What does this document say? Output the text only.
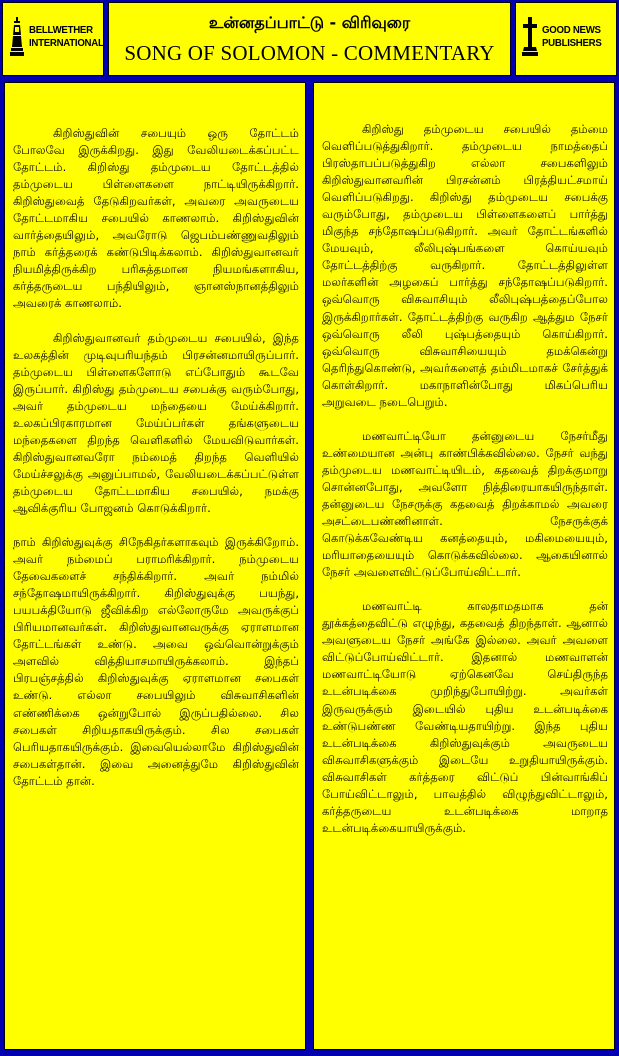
BELLWETHER
INTERNATIONAL
உன்னதப்பாட்டு - விரிவுரை
SONG OF SOLOMON - COMMENTARY
GOOD NEWS
PUBLISHERS

கிறிஸ்துவின் சபையும் ஒரு தோட்டம் போலவே இருக்கிறது. இது வேலியடைக்கப்பட்ட தோட்டம். கிறிஸ்து தம்முடைய தோட்டத்தில் தம்முடைய பிள்ளைகளை நாட்டியிருக்கிறார். கிறிஸ்துவைத் தேடுகிறவர்கள், அவரை அவருடைய தோட்டமாகிய சபையில் காணலாம். கிறிஸ்துவின் வார்த்தையிலும், அவரோடு ஜெபம்பண்ணுவதிலும் நாம் கர்த்தரைக் கண்டுபிடிக்கலாம். கிறிஸ்துவானவர் நியமித்திருக்கிற பரிசுத்தமான நியமங்களாகிய, கர்த்தருடைய பந்தியிலும், ஞானஸ்நானத்திலும் அவரைக் காணலாம்.

கிறிஸ்துவானவர் தம்முடைய சபையில், இந்த உலகத்தின் முடிவுபரியந்தம் பிரசன்னமாயிருப்பார். தம்முடைய பிள்ளைகளோடு எப்போதும் கூடவே இருப்பார். கிறிஸ்து தம்முடைய சபைக்கு வரும்போது, அவர் தம்முடைய மந்தையை மேய்க்கிறார். உலகப்பிரகாரமான மேய்ப்பர்கள் தங்களுடைய மந்தைகளை திறந்த வெளிகளில் மேயவிடுவார்கள். கிறிஸ்துவானவரோ நம்மைத் திறந்த வெளியில் மேய்ச்சலுக்கு அனுப்பாமல், வேலியடைக்கப்பட்டுள்ள தம்முடைய தோட்டமாகிய சபையில், நமக்கு ஆவிக்குரிய போஜனம் கொடுக்கிறார்.

நாம் கிறிஸ்துவுக்கு சிநேகிதர்களாகவும் இருக்கிறோம். அவர் நம்மைப் பராமரிக்கிறார். நம்முடைய தேவைகளைச் சந்திக்கிறார். அவர் நம்மில் சந்தோஷமாயிருக்கிறார். கிறிஸ்துவுக்கு பயந்து, பயபக்தியோடு ஜீவிக்கிற எல்லோருமே அவருக்குப் பிரியமானவர்கள். கிறிஸ்துவானவருக்கு ஏராளமான தோட்டங்கள் உண்டு. அவை ஒவ்வொன்றுக்கும் அளவில் வித்தியாசமாயிருக்கலாம். இந்தப் பிரபஞ்சத்தில் கிறிஸ்துவுக்கு ஏராளமான சபைகள் உண்டு. எல்லா சபையிலும் விசுவாசிகளின் எண்ணிக்கை ஒன்றுபோல் இருப்பதில்லை. சில சபைகள் சிறியதாகயிருக்கும். சில சபைகள் பெரியதாகயிருக்கும். இவையெல்லாமே கிறிஸ்துவின் சபைகள்தான். இவை அனைத்துமே கிறிஸ்துவின் தோட்டம் தான்.

கிறிஸ்து தம்முடைய சபையில் தம்மை வெளிப்படுத்துகிறார். தம்முடைய நாமத்தைப் பிரஸ்தாபப்படுத்துகிற எல்லா சபைகளிலும் கிறிஸ்துவானவரின் பிரசன்னம் பிரத்தியட்சமாய் வெளிப்படுகிறது. கிறிஸ்து தம்முடைய சபைக்கு வரும்போது, தம்முடைய பிள்ளைகளைப் பார்த்து மிகுந்த சந்தோஷப்படுகிறார். அவர் தோட்டங்களில் மேயவும், லீலிபுஷ்பங்களை கொய்யவும் தோட்டத்திற்கு வருகிறார். தோட்டத்திலுள்ள மலர்களின் அழகைப் பார்த்து சந்தோஷப்படுகிறார். ஒவ்வொரு விசுவாசியும் லீலிபுஷ்பத்தைப்போல இருக்கிறார்கள். தோட்டத்திற்கு வருகிற ஆத்தும நேசர் ஒவ்வொரு லீலி புஷ்பத்தையும் கொய்கிறார். ஒவ்வொரு விசுவாசியையும் தமக்கென்று தெரிந்துகொண்டு, அவர்களைத் தம்மிடமாகச் சேர்த்துக் கொள்கிறார். மகாநாளின்போது மிகப்பெரிய அறுவடை நடைபெறும்.

மணவாட்டியோ தன்னுடைய நேசர்மீது உண்மையான அன்பு காண்பிக்கவில்லை. நேசர் வந்து தம்முடைய மணவாட்டியிடம், கதவைத் திறக்குமாறு சொன்னபோது, அவளோ நித்திரையாகயிருந்தாள். தன்னுடைய நேசருக்கு கதவைத் திறக்காமல் அவரை அசட்டைபண்ணினாள். நேசருக்குக் கொடுக்கவேண்டிய கனத்தையும், மகிமையையும், மரியாதையையும் கொடுக்கவில்லை. ஆகையினால் நேசர் அவளைவிட்டுப்போய்விட்டார்.

மணவாட்டி காலதாமதமாக தன் தூக்கத்தைவிட்டு எழுந்து, கதவைத் திறந்தாள். ஆனால் அவளுடைய நேசர் அங்கே இல்லை. அவர் அவளை விட்டுப்போய்விட்டார். இதனால் மணவாளன் மணவாட்டியோடு ஏற்கெனவே செய்திருந்த உடன்படிக்கை முறிந்துபோயிற்று. அவர்கள் இருவருக்கும் இடையில் புதிய உடன்படிக்கை உண்டுபண்ண வேண்டியதாயிற்று. இந்த புதிய உடன்படிக்கை கிறிஸ்துவுக்கும் அவருடைய விசுவாசிகளுக்கும் இடையே உறுதியாயிருக்கும். விசுவாசிகள் கர்த்தரை விட்டுப் பின்வாங்கிப் போய்விட்டாலும், பாவத்தில் விழுந்துவிட்டாலும், கர்த்தருடைய உடன்படிக்கை மாறாத உடன்படிக்கையாயிருக்கும்.
